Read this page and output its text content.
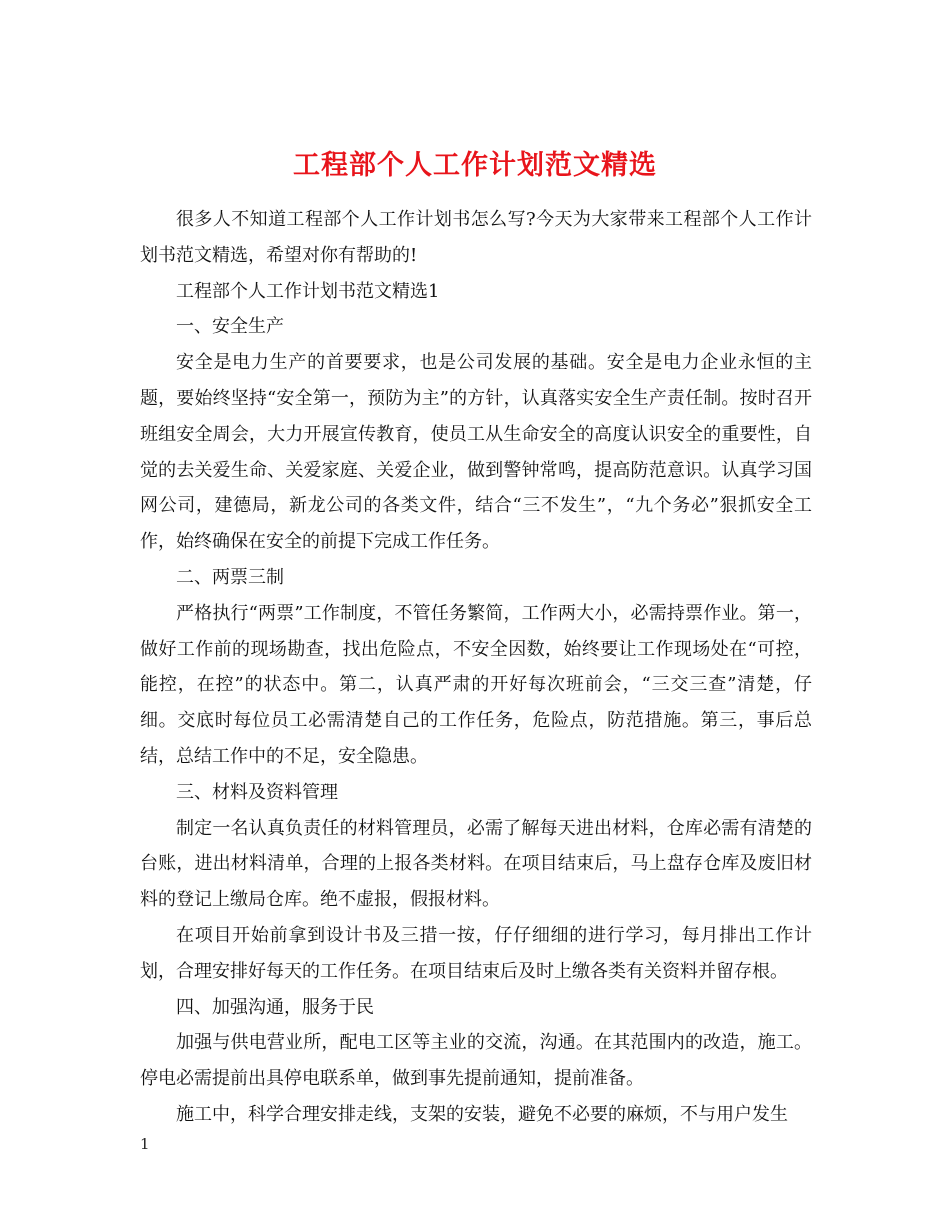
工程部个人工作计划范文精选

很多人不知道工程部个人工作计划书怎么写?今天为大家带来工程部个人工作计划书范文精选，希望对你有帮助的!

工程部个人工作计划书范文精选1

一、安全生产

安全是电力生产的首要要求，也是公司发展的基础。安全是电力企业永恒的主题，要始终坚持“安全第一，预防为主”的方针，认真落实安全生产责任制。按时召开班组安全周会，大力开展宣传教育，使员工从生命安全的高度认识安全的重要性，自觉的去关爱生命、关爱家庭、关爱企业，做到警钟常鸣，提高防范意识。认真学习国网公司，建德局，新龙公司的各类文件，结合“三不发生”，“九个务必”狠抓安全工作，始终确保在安全的前提下完成工作任务。

二、两票三制

严格执行“两票”工作制度，不管任务繁简，工作两大小，必需持票作业。第一，做好工作前的现场勘查，找出危险点，不安全因数，始终要让工作现场处在“可控，能控，在控”的状态中。第二，认真严肃的开好每次班前会，“三交三查”清楚，仔细。交底时每位员工必需清楚自己的工作任务，危险点，防范措施。第三，事后总结，总结工作中的不足，安全隐患。

三、材料及资料管理

制定一名认真负责任的材料管理员，必需了解每天进出材料，仓库必需有清楚的台账，进出材料清单，合理的上报各类材料。在项目结束后，马上盘存仓库及废旧材料的登记上缴局仓库。绝不虚报，假报材料。

在项目开始前拿到设计书及三措一按，仔仔细细的进行学习，每月排出工作计划，合理安排好每天的工作任务。在项目结束后及时上缴各类有关资料并留存根。

四、加强沟通，服务于民

加强与供电营业所，配电工区等主业的交流，沟通。在其范围内的改造，施工。停电必需提前出具停电联系单，做到事先提前通知，提前准备。

施工中，科学合理安排走线，支架的安装，避免不必要的麻烦，不与用户发生

1
